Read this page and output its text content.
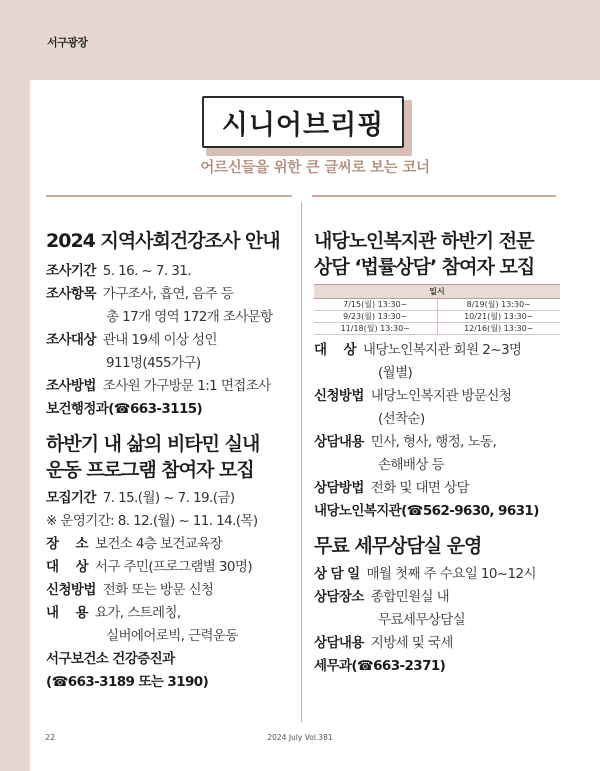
서구광장
시니어브리핑
어르신들을 위한 큰 글씨로 보는 코너
2024 지역사회건강조사 안내
조사기간 5. 16. ~ 7. 31.
조사항목 가구조사, 흡연, 음주 등
총 17개 영역 172개 조사문항
조사대상 관내 19세 이상 성인
911명(455가구)
조사방법 조사원 가구방문 1:1 면접조사
보건행정과(☎663-3115)
하반기 내 삶의 비타민 실내
운동 프로그램 참여자 모집
모집기간 7. 15.(월) ~ 7. 19.(금)
※ 운영기간: 8. 12.(월) ~ 11. 14.(목)
장　 소 보건소 4층 보건교육장
대　 상 서구 주민(프로그램별 30명)
신청방법 전화 또는 방문 신청
내　 용 요가, 스트레칭,
실버에어로빅, 근력운동
서구보건소 건강증진과
(☎663-3189 또는 3190)
내당노인복지관 하반기 전문
상담 ‘법률상담’ 참여자 모집
일시	
7/15(월) 13:30~	8/19(월) 13:30~
9/23(월) 13:30~	10/21(월) 13:30~
11/18(월) 13:30~	12/16(월) 13:30~
대　 상 내당노인복지관 회원 2~3명
(월별)
신청방법 내당노인복지관 방문신청
(선착순)
상담내용 민사, 형사, 행정, 노동,
손해배상 등
상담방법 전화 및 대면 상담
내당노인복지관(☎562-9630, 9631)
무료 세무상담실 운영
상 담 일 매월 첫째 주 수요일 10~12시
상담장소 종합민원실 내
무료세무상담실
상담내용 지방세 및 국세
세무과(☎663-2371)
22	2024 July Vol.381
